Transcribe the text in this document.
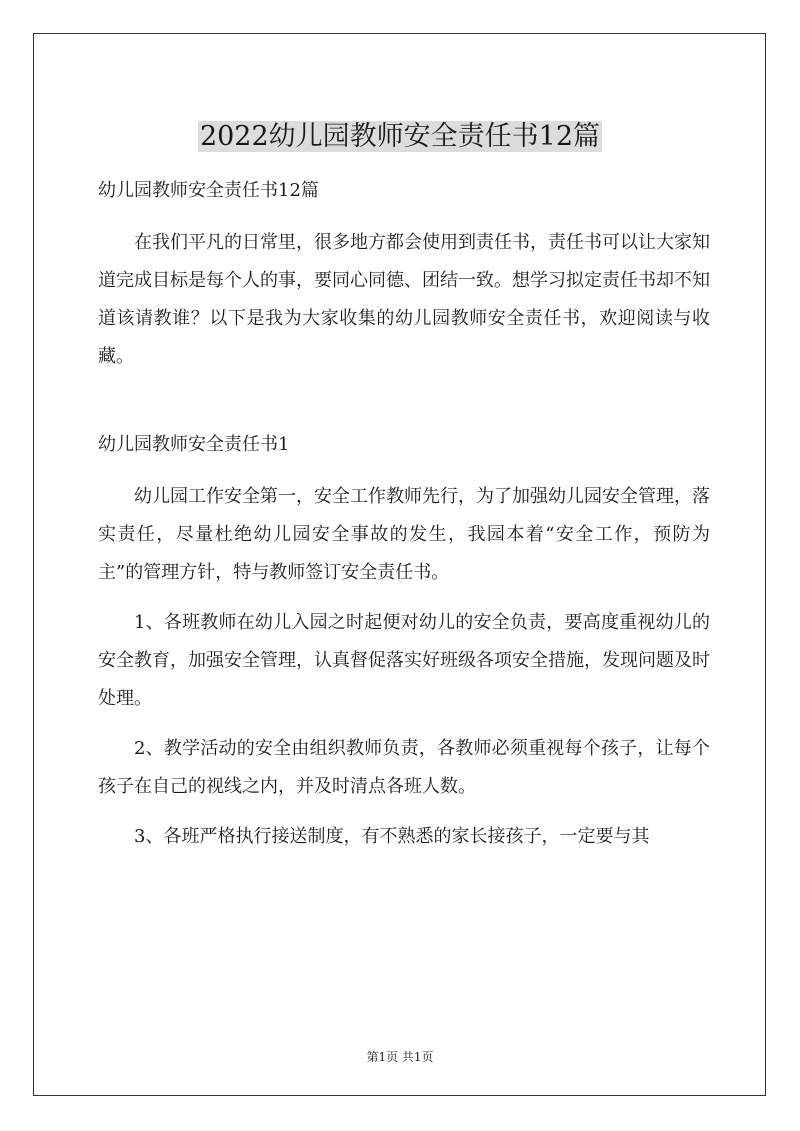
2022幼儿园教师安全责任书12篇

幼儿园教师安全责任书12篇

在我们平凡的日常里，很多地方都会使用到责任书，责任书可以让大家知道完成目标是每个人的事，要同心同德、团结一致。想学习拟定责任书却不知道该请教谁？以下是我为大家收集的幼儿园教师安全责任书，欢迎阅读与收藏。

幼儿园教师安全责任书1

幼儿园工作安全第一，安全工作教师先行，为了加强幼儿园安全管理，落实责任，尽量杜绝幼儿园安全事故的发生，我园本着“安全工作，预防为主”的管理方针，特与教师签订安全责任书。

1、各班教师在幼儿入园之时起便对幼儿的安全负责，要高度重视幼儿的安全教育，加强安全管理，认真督促落实好班级各项安全措施，发现问题及时处理。

2、教学活动的安全由组织教师负责，各教师必须重视每个孩子，让每个孩子在自己的视线之内，并及时清点各班人数。

3、各班严格执行接送制度，有不熟悉的家长接孩子，一定要与其

第1页 共1页
